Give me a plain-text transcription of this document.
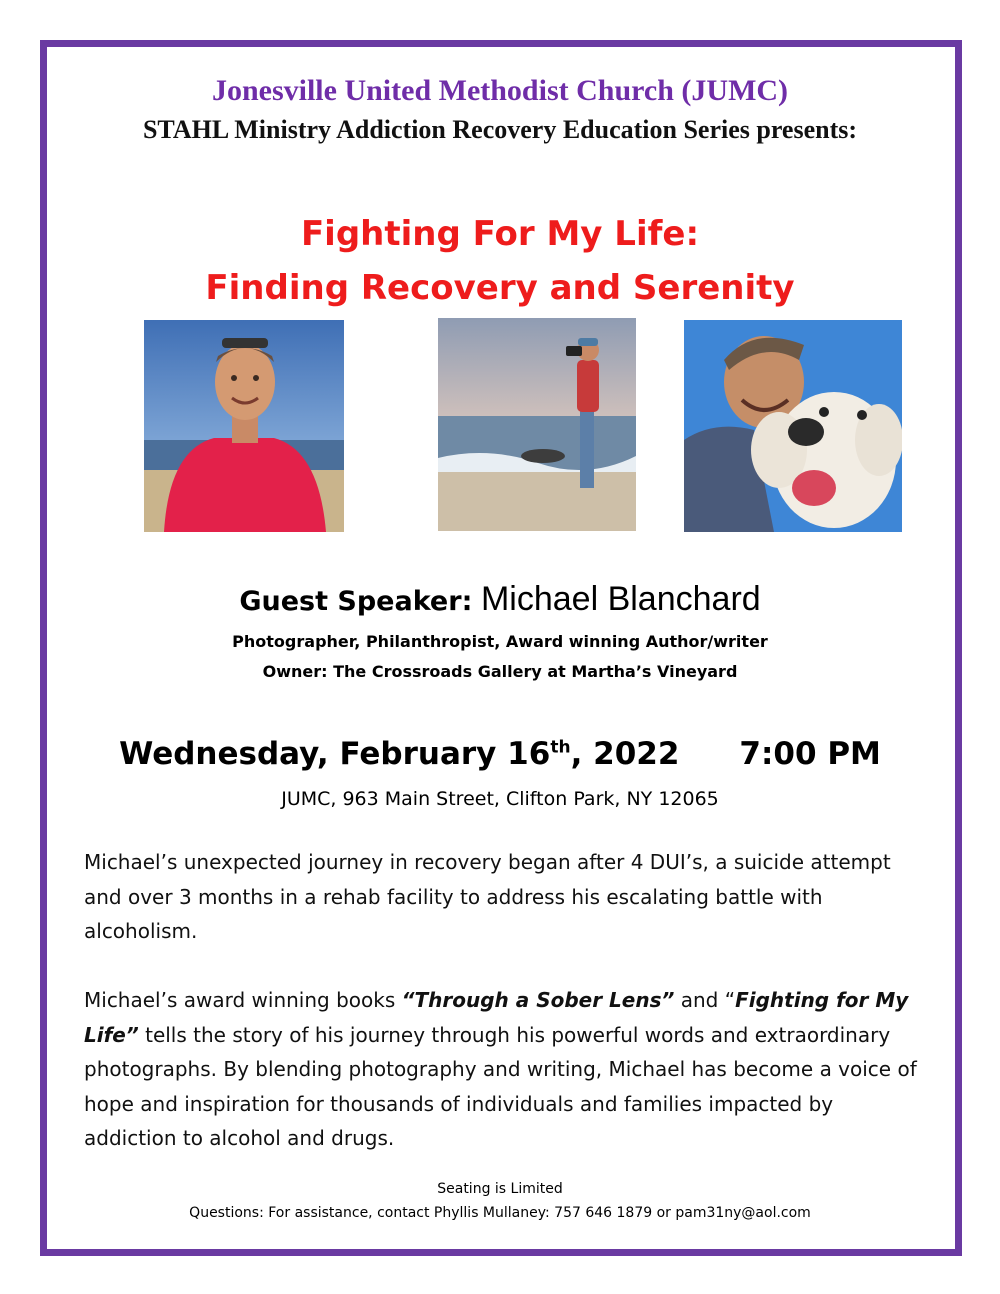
Jonesville United Methodist Church (JUMC)
STAHL Ministry Addiction Recovery Education Series presents:
Fighting For My Life:
Finding Recovery and Serenity
Guest Speaker: Michael Blanchard
Photographer, Philanthropist, Award winning Author/writer
Owner: The Crossroads Gallery at Martha’s Vineyard
Wednesday, February 16th, 2022 7:00 PM
JUMC, 963 Main Street, Clifton Park, NY 12065
Michael’s unexpected journey in recovery began after 4 DUI’s, a suicide attempt and over 3 months in a rehab facility to address his escalating battle with alcoholism.
Michael’s award winning books “Through a Sober Lens” and “Fighting for My Life” tells the story of his journey through his powerful words and extraordinary photographs. By blending photography and writing, Michael has become a voice of hope and inspiration for thousands of individuals and families impacted by addiction to alcohol and drugs.
Seating is Limited
Questions: For assistance, contact Phyllis Mullaney: 757 646 1879 or pam31ny@aol.com
